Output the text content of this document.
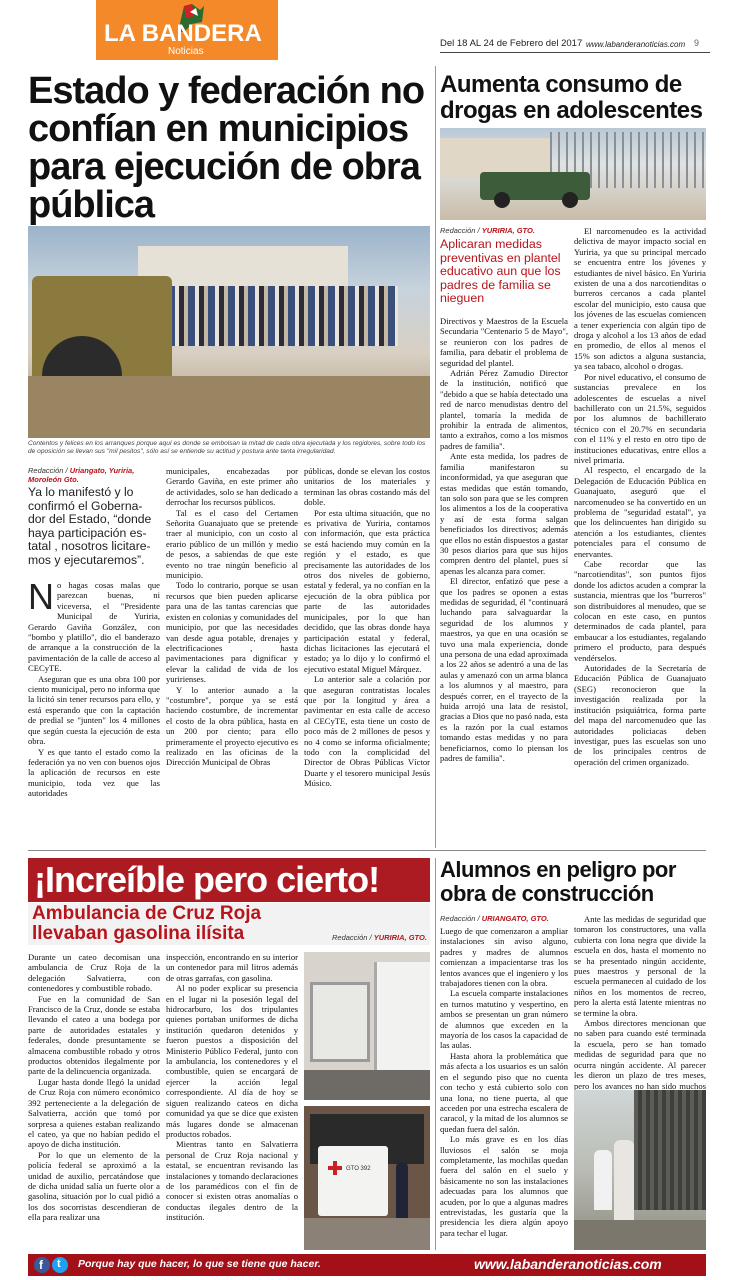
LA BANDERA
Noticias
Del 18 AL 24 de Febrero del 2017 www.labanderanoticias.com 9
Estado y federación no confían en municipios para ejecución de obra pública
Contentos y felices en los arranques porque aquí es donde se embolsan la mitad de cada obra ejecutada y los regidores, sobre todo los de oposición se llevan sus "mil pesitos", sólo así se entiende su actitud y postura ante tanta irregularidad.
Redacción / Uriangato, Yuriria, Moroleón Gto.
Ya lo manifestó y lo confirmó el Goberna-dor del Estado, “donde haya participación es-tatal , nosotros licitare-mos y ejecutaremos”.

No hagas cosas malas que parezcan buenas, ni viceversa, el "Presidente Municipal de Yuriria, Gerardo Gaviña González, con "bombo y platillo", dio el banderazo de arranque a la construcción de la pavimentación de la calle de acceso al CECyTE.

Aseguran que es una obra 100 por ciento municipal, pero no informa que la licitó sin tener recursos para ello, y está esperando que con la captación de predial se "junten" los 4 millones que según cuesta la ejecución de esta obra.

Y es que tanto el estado como la federación ya no ven con buenos ojos la aplicación de recursos en este municipio, toda vez que las autoridades

municipales, encabezadas por Gerardo Gaviña, en este primer año de actividades, solo se han dedicado a derrochar los recursos públicos.

Tal es el caso del Certamen Señorita Guanajuato que se pretende traer al municipio, con un costo al erario público de un millón y medio de pesos, a sabiendas de que este evento no trae ningún beneficio al municipio.

Todo lo contrario, porque se usan recursos que bien pueden aplicarse para una de las tantas carencias que existen en colonias y comunidades del municipio, por que las necesidades van desde agua potable, drenajes y electrificaciones , hasta pavimentaciones para dignificar y elevar la calidad de vida de los yuririenses.

Y lo anterior aunado a la "costumbre", porque ya se está haciendo costumbre, de incrementar el costo de la obra pública, hasta en un 200 por ciento; para ello primeramente el proyecto ejecutivo es realizado en las oficinas de la Dirección Municipal de Obras

públicas, donde se elevan los costos unitarios de los materiales y terminan las obras costando más del doble.

Por esta ultima situación, que no es privativa de Yuriria, contamos con información, que esta práctica se está haciendo muy común en la región y el estado, es que precisamente las autoridades de los otros dos niveles de gobierno, estatal y federal, ya no confían en la ejecución de la obra pública por parte de las autoridades municipales, por lo que han decidido, que las obras donde haya participación estatal y federal, dichas licitaciones las ejecutará el estado; ya lo dijo y lo confirmó el ejecutivo estatal Miguel Márquez.

Lo anterior sale a colación por que aseguran contratistas locales que por la longitud y área a pavimentar en esta calle de acceso al CECyTE, esta tiene un costo de poco más de 2 millones de pesos y no 4 como se informa oficialmente; todo con la complicidad del Director de Obras Públicas Víctor Duarte y el tesorero municipal Jesús Músico.

Aumenta consumo de drogas en adolescentes
Redacción / YURIRIA, GTO.
Aplicaran medidas preventivas en plantel educativo aun que los padres de familia se nieguen

Directivos y Maestros de la Escuela Secundaria "Centenario 5 de Mayo", se reunieron con los padres de familia, para debatir el problema de seguridad del plantel.

Adrián Pérez Zamudio Director de la institución, notificó que "debido a que se había detectado una red de narco menudistas dentro del plantel, tomaría la medida de prohibir la entrada de alimentos, tanto a extraños, como a los mismos padres de familia".

Ante esta medida, los padres de familia manifestaron su inconformidad, ya que aseguran que estas medidas que están tomando, tan solo son para que se les compren los alimentos a los de la cooperativa y así de esta forma salgan beneficiados los directivos; además que ellos no están dispuestos a gastar 30 pesos diarios para que sus hijos compren dentro del plantel, pues sí apenas les alcanza para comer.

El director, enfatizó que pese a que los padres se oponen a estas medidas de seguridad, él "continuará luchando para salvaguardar la seguridad de los alumnos y maestros, ya que en una ocasión se tuvo una mala experiencia, donde una persona de una edad aproximada a los 22 años se adentró a una de las aulas y amenazó con un arma blanca a los alumnos y al maestro, para después correr, en el trayecto de la huida arrojó una lata de resistol, gracias a Dios que no pasó nada, esta es la razón por la cual estamos tomando estas medidas y no para beneficiarnos, como lo piensan los padres de familia".

El narcomenudeo es la actividad delictiva de mayor impacto social en Yuriria, ya que su principal mercado se encuentra entre los jóvenes y estudiantes de nivel básico. En Yuriria existen de una a dos narcotienditas o burreros cercanos a cada plantel escolar del municipio, esto causa que los jóvenes de las escuelas comiencen a tener experiencia con algún tipo de droga y alcohol a los 13 años de edad en promedio, de ellos al menos el 15% son adictos a alguna sustancia, ya sea tabaco, alcohol o drogas.

Por nivel educativo, el consumo de sustancias prevalece en los adolescentes de escuelas a nivel bachillerato con un 21.5%, seguidos por los alumnos de bachillerato técnico con el 20.7% en secundaria con el 11% y el resto en otro tipo de instituciones educativas, entre ellos a nivel primaria.

Al respecto, el encargado de la Delegación de Educación Pública en Guanajuato, aseguró que el narcomenudeo se ha convertido en un problema de "seguridad estatal", ya que los delincuentes han dirigido su atención a los estudiantes, clientes potenciales para el consumo de enervantes.

Cabe recordar que las "narcotienditas", son puntos fijos donde los adictos acuden a comprar la sustancia, mientras que los "burreros" son distribuidores al menudeo, que se colocan en este caso, en puntos determinados de cada plantel, para embaucar a los estudiantes, regalando primero el producto, para después vendérselos.

Autoridades de la Secretaría de Educación Pública de Guanajuato (SEG) reconocieron que la investigación realizada por la institución psiquiátrica, forma parte del mapa del narcomenudeo que las autoridades policiacas deben investigar, pues las escuelas son uno de los principales centros de operación del crimen organizado.

¡Increíble pero cierto!
Ambulancia de Cruz Roja llevaban gasolina ilísita	Redacción / YURIRIA, GTO.

Durante un cateo decomisan una ambulancia de Cruz Roja de la delegación Salvatierra, con contenedores y combustible robado.

Fue en la comunidad de San Francisco de la Cruz, donde se estaba llevando el cateo a una bodega por parte de autoridades estatales y federales, donde presuntamente se almacena combustible robado y otros productos obtenidos ilegalmente por parte de la delincuencia organizada.

Lugar hasta donde llegó la unidad de Cruz Roja con número económico 392 perteneciente a la delegación de Salvatierra, acción que tomó por sorpresa a quienes estaban realizando el cateo, ya que no habían pedido el apoyo de dicha institución.

Por lo que un elemento de la policía federal se aproximó a la unidad de auxilio, percatándose que de dicha unidad salía un fuerte olor a gasolina, situación por lo cual pidió a los dos socorristas descendieran de ella para realizar una

inspección, encontrando en su interior un contenedor para mil litros además de otras garrafas, con gasolina.

Al no poder explicar su presencia en el lugar ni la posesión legal del hidrocarburo, los dos tripulantes quienes portaban uniformes de dicha institución quedaron detenidos y fueron puestos a disposición del Ministerio Público Federal, junto con la ambulancia, los contenedores y el combustible, quien se encargará de ejercer la acción legal correspondiente. Al día de hoy se siguen realizando cateos en dicha comunidad ya que se dice que existen más lugares donde se almacenan productos robados.

Mientras tanto en Salvatierra personal de Cruz Roja nacional y estatal, se encuentran revisando las instalaciones y tomando declaraciones de los paramédicos con el fin de conocer si existen otras anomalías o conductas ilegales dentro de la institución.

GTO 392
Alumnos en peligro por obra de construcción
Redacción / URIANGATO, GTO.

Luego de que comenzaron a ampliar instalaciones sin aviso alguno, padres y madres de alumnos comienzan a impacientarse tras los lentos avances que el ingeniero y los trabajadores tienen con la obra.

La escuela comparte instalaciones en turnos matutino y vespertino, en ambos se presentan un gran número de alumnos que exceden en la mayoría de los casos la capacidad de las aulas.

Hasta ahora la problemática que más afecta a los usuarios es un salón en el segundo piso que no cuenta con techo y está cubierto solo con una lona, no tiene puerta, al que acceden por una estrecha escalera de caracol, y la mitad de los alumnos se quedan fuera del salón.

Lo más grave es en los días lluviosos el salón se moja completamente, las mochilas quedan fuera del salón en el suelo y básicamente no son las instalaciones adecuadas para los alumnos que acuden, por lo que a algunas madres entrevistadas, les gustaría que la presidencia les diera algún apoyo para techar el lugar.

Ante las medidas de seguridad que tomaron los constructores, una valla cubierta con lona negra que divide la escuela en dos, hasta el momento no se ha presentado ningún accidente, pues maestros y personal de la escuela permanecen al cuidado de los niños en los momentos de recreo, pero la alerta está latente mientras no se termine la obra.

Ambos directores mencionan que no saben para cuando esté terminada la escuela, pero se han tomado medidas de seguridad para que no ocurra ningún accidente. Al parecer les dieron un plazo de tres meses, pero los avances no han sido muchos

f t Porque hay que hacer, lo que se tiene que hacer.	www.labanderanoticias.com
